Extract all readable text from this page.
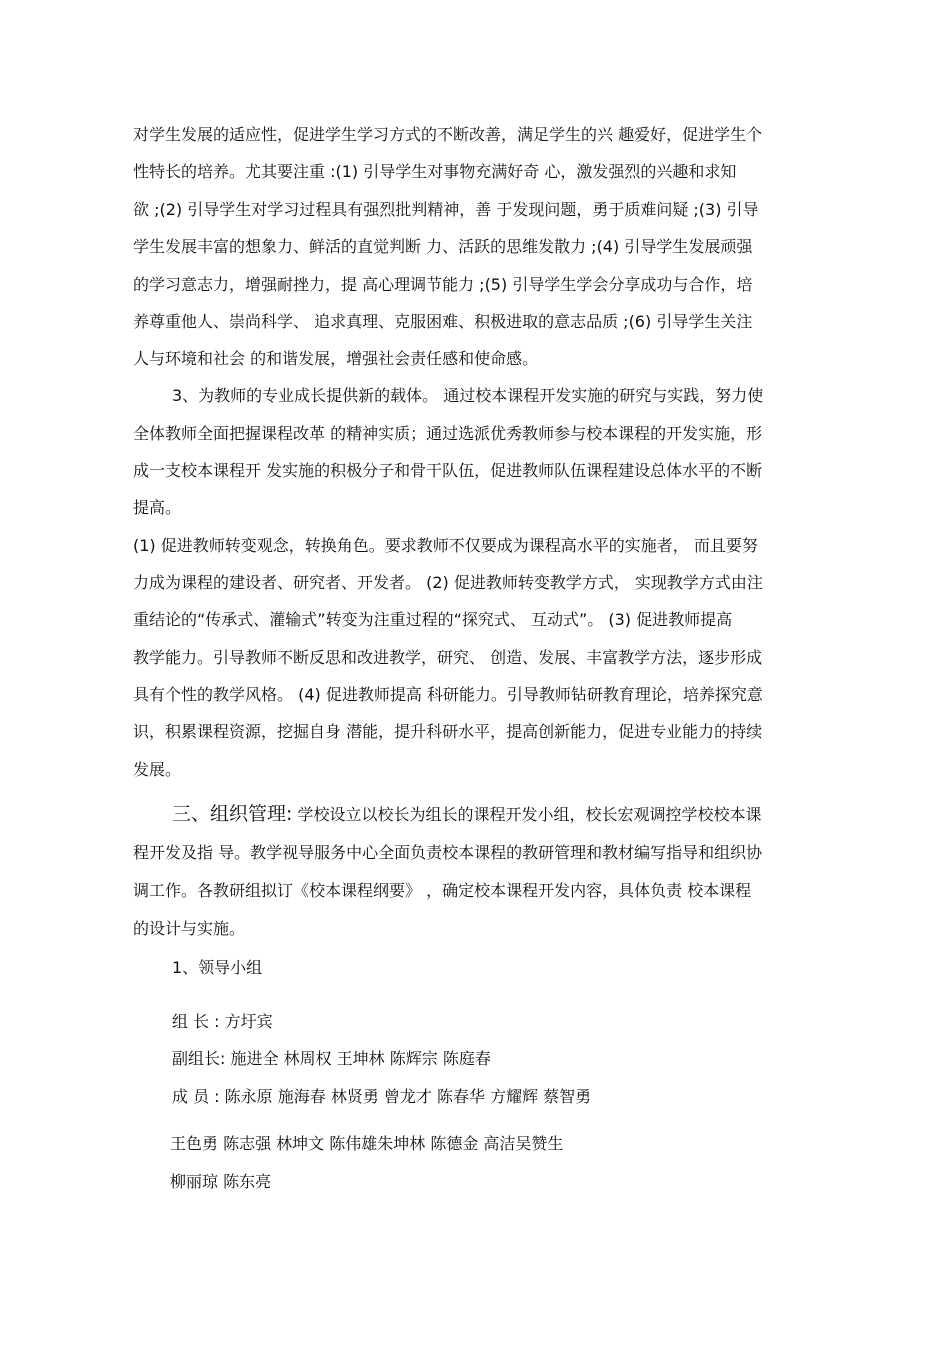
对学生发展的适应性，促进学生学习方式的不断改善，满足学生的兴 趣爱好，促进学生个
性特长的培养。尤其要注重 :(1) 引导学生对事物充满好奇 心，激发强烈的兴趣和求知
欲 ;(2) 引导学生对学习过程具有强烈批判精神，善 于发现问题，勇于质难问疑 ;(3) 引导
学生发展丰富的想象力、鲜活的直觉判断 力、活跃的思维发散力 ;(4) 引导学生发展顽强
的学习意志力，增强耐挫力，提 高心理调节能力 ;(5) 引导学生学会分享成功与合作，培
养尊重他人、崇尚科学、 追求真理、克服困难、积极进取的意志品质 ;(6) 引导学生关注
人与环境和社会 的和谐发展，增强社会责任感和使命感。
3、为教师的专业成长提供新的载体。 通过校本课程开发实施的研究与实践，努力使
全体教师全面把握课程改革 的精神实质；通过选派优秀教师参与校本课程的开发实施，形
成一支校本课程开 发实施的积极分子和骨干队伍，促进教师队伍课程建设总体水平的不断
提高。
(1) 促进教师转变观念，转换角色。要求教师不仅要成为课程高水平的实施者， 而且要努
力成为课程的建设者、研究者、开发者。 (2) 促进教师转变教学方式， 实现教学方式由注
重结论的“传承式、灌输式”转变为注重过程的“探究式、 互动式”。 (3) 促进教师提高
教学能力。引导教师不断反思和改进教学，研究、 创造、发展、丰富教学方法，逐步形成
具有个性的教学风格。 (4) 促进教师提高 科研能力。引导教师钻研教育理论，培养探究意
识，积累课程资源，挖掘自身 潜能，提升科研水平，提高创新能力，促进专业能力的持续
发展。
三、组织管理: 学校设立以校长为组长的课程开发小组，校长宏观调控学校校本课
程开发及指 导。教学视导服务中心全面负责校本课程的教研管理和教材编写指导和组织协
调工作。各教研组拟订《校本课程纲要》 ，确定校本课程开发内容，具体负责 校本课程
的设计与实施。
1、领导小组
组 长 : 方圩宾
副组长: 施进全 林周权 王坤林 陈辉宗 陈庭春
成 员 : 陈永原 施海春 林贤勇 曾龙才 陈春华 方耀辉 蔡智勇
王色勇 陈志强 林坤文 陈伟雄朱坤林 陈德金 高洁吴赞生
柳丽琼 陈东亮
